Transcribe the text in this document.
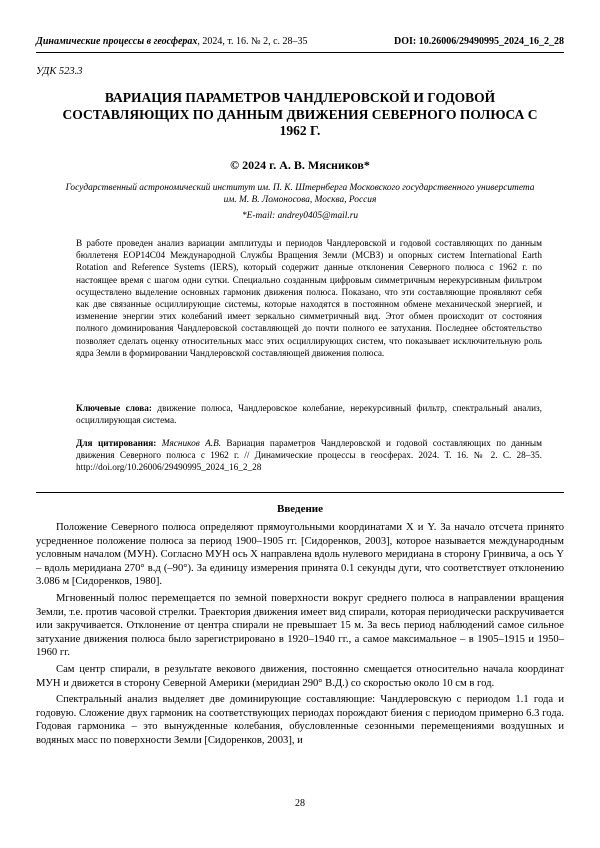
Динамические процессы в геосферах, 2024, т. 16. № 2, с. 28–35	DOI: 10.26006/29490995_2024_16_2_28
УДК 523.3
ВАРИАЦИЯ ПАРАМЕТРОВ ЧАНДЛЕРОВСКОЙ И ГОДОВОЙ СОСТАВЛЯЮЩИХ ПО ДАННЫМ ДВИЖЕНИЯ СЕВЕРНОГО ПОЛЮСА С 1962 Г.
© 2024 г. А. В. Мясников*
Государственный астрономический институт им. П. К. Штернберга Московского государственного университета им. М. В. Ломоносова, Москва, Россия
*E-mail: andrey0405@mail.ru
В работе проведен анализ вариации амплитуды и периодов Чандлеровской и годовой составляющих по данным бюллетеня EOP14C04 Международной Службы Вращения Земли (МСВЗ) и опорных систем International Earth Rotation and Reference Systems (IERS), который содержит данные отклонения Северного полюса с 1962 г. по настоящее время с шагом одни сутки. Специально созданным цифровым симметричным нерекурсивным фильтром осуществлено выделение основных гармоник движения полюса. Показано, что эти составляющие проявляют себя как две связанные осциллирующие системы, которые находятся в постоянном обмене механической энергией, и изменение энергии этих колебаний имеет зеркально симметричный вид. Этот обмен происходит от состояния полного доминирования Чандлеровской составляющей до почти полного ее затухания. Последнее обстоятельство позволяет сделать оценку относительных масс этих осциллирующих систем, что показывает исключительную роль ядра Земли в формировании Чандлеровской составляющей движения полюса.
Ключевые слова: движение полюса, Чандлеровское колебание, нерекурсивный фильтр, спектральный анализ, осциллирующая система.
Для цитирования: Мясников А.В. Вариация параметров Чандлеровской и годовой составляющих по данным движения Северного полюса с 1962 г. // Динамические процессы в геосферах. 2024. Т. 16. № 2. С. 28–35. http://doi.org/10.26006/29490995_2024_16_2_28
Введение

Положение Северного полюса определяют прямоугольными координатами X и Y. За начало отсчета принято усредненное положение полюса за период 1900–1905 гг. [Сидоренков, 2003], которое называется международным условным началом (МУН). Согласно МУН ось X направлена вдоль нулевого меридиана в сторону Гринвича, а ось Y – вдоль меридиана 270° в.д (–90°). За единицу измерения принята 0.1 секунды дуги, что соответствует отклонению 3.086 м [Сидоренков, 1980].

Мгновенный полюс перемещается по земной поверхности вокруг среднего полюса в направлении вращения Земли, т.е. против часовой стрелки. Траектория движения имеет вид спирали, которая периодически раскручивается или закручивается. Отклонение от центра спирали не превышает 15 м. За весь период наблюдений самое сильное затухание движения полюса было зарегистрировано в 1920–1940 гг., а самое максимальное – в 1905–1915 и 1950–1960 гг.

Сам центр спирали, в результате векового движения, постоянно смещается относительно начала координат МУН и движется в сторону Северной Америки (меридиан 290° В.Д.) со скоростью около 10 см в год.

Спектральный анализ выделяет две доминирующие составляющие: Чандлеровскую с периодом 1.1 года и годовую. Сложение двух гармоник на соответствующих периодах порождают биения с периодом примерно 6.3 года. Годовая гармоника – это вынужденные колебания, обусловленные сезонными перемещениями воздушных и водяных масс по поверхности Земли [Сидоренков, 2003], и

28
